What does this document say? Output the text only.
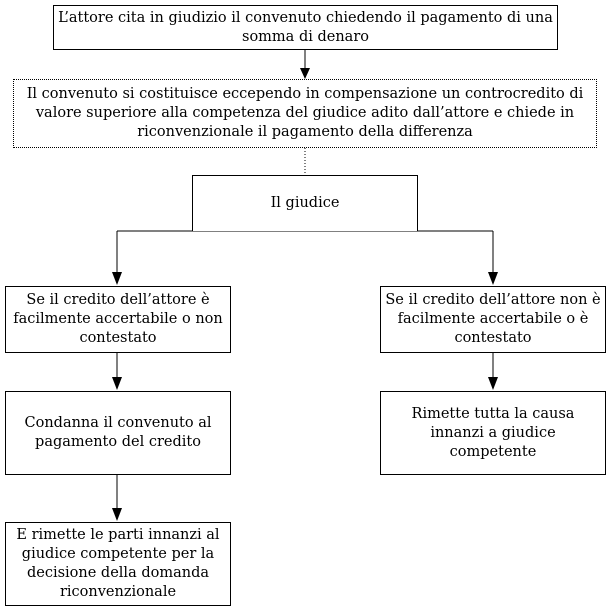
L’attore cita in giudizio il convenuto chiedendo il pagamento di una
somma di denaro
Il convenuto si costituisce eccependo in compensazione un controcredito di
valore superiore alla competenza del giudice adito dall’attore e chiede in
riconvenzionale il pagamento della differenza
Il giudice
Se il credito dell’attore è
facilmente accertabile o non
contestato
Se il credito dell’attore non è
facilmente accertabile o è
contestato
Condanna il convenuto al
pagamento del credito
Rimette tutta la causa
innanzi a giudice
competente
E rimette le parti innanzi al
giudice competente per la
decisione della domanda
riconvenzionale
